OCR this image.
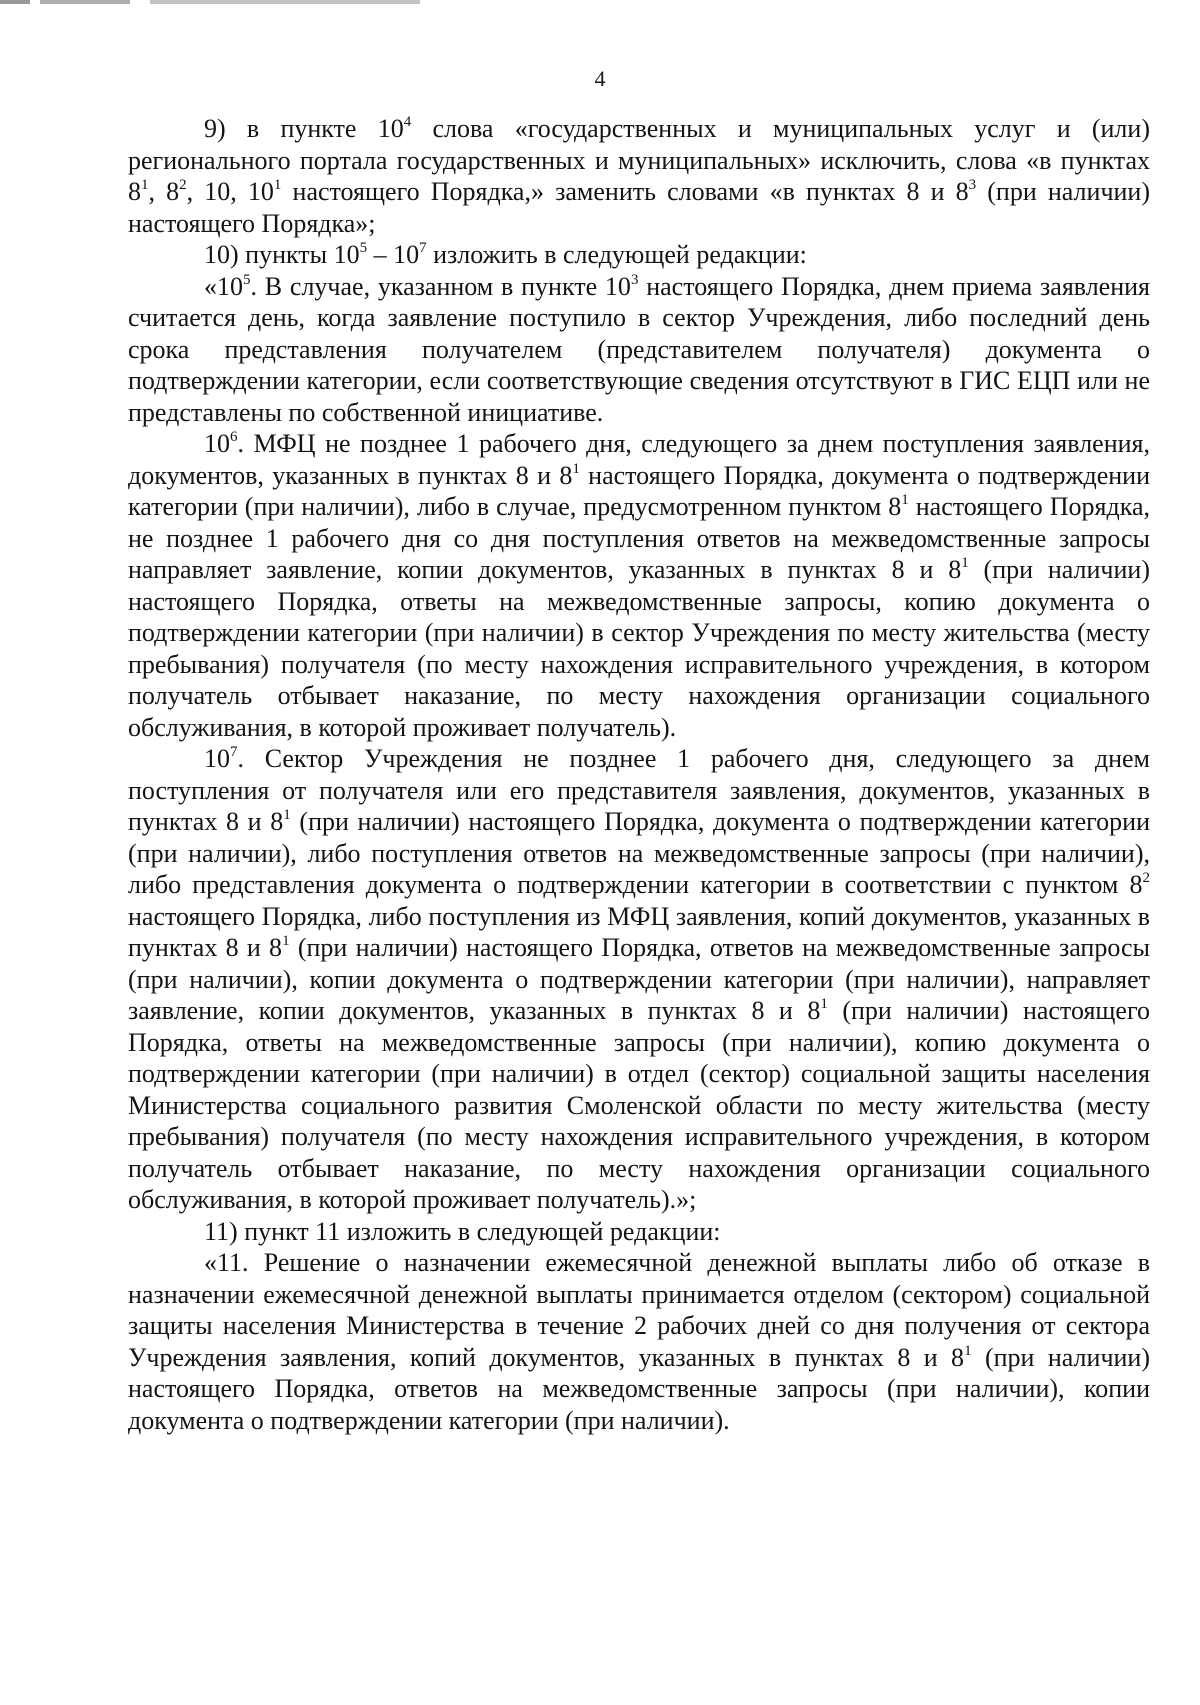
4

9) в пункте $10^4$ слова «государственных и муниципальных услуг и (или) регионального портала государственных и муниципальных» исключить, слова «в пунктах $8^1$, $8^2$, 10, $10^1$ настоящего Порядка,» заменить словами «в пунктах 8 и $8^3$ (при наличии) настоящего Порядка»;

10) пункты $10^5 - 10^7$ изложить в следующей редакции:

«$10^5$. В случае, указанном в пункте $10^3$ настоящего Порядка, днем приема заявления считается день, когда заявление поступило в сектор Учреждения, либо последний день срока представления получателем (представителем получателя) документа о подтверждении категории, если соответствующие сведения отсутствуют в ГИС ЕЦП или не представлены по собственной инициативе.

$10^6$. МФЦ не позднее 1 рабочего дня, следующего за днем поступления заявления, документов, указанных в пунктах 8 и $8^1$ настоящего Порядка, документа о подтверждении категории (при наличии), либо в случае, предусмотренном пунктом $8^1$ настоящего Порядка, не позднее 1 рабочего дня со дня поступления ответов на межведомственные запросы направляет заявление, копии документов, указанных в пунктах 8 и $8^1$ (при наличии) настоящего Порядка, ответы на межведомственные запросы, копию документа о подтверждении категории (при наличии) в сектор Учреждения по месту жительства (месту пребывания) получателя (по месту нахождения исправительного учреждения, в котором получатель отбывает наказание, по месту нахождения организации социального обслуживания, в которой проживает получатель).

$10^7$. Сектор Учреждения не позднее 1 рабочего дня, следующего за днем поступления от получателя или его представителя заявления, документов, указанных в пунктах 8 и $8^1$ (при наличии) настоящего Порядка, документа о подтверждении категории (при наличии), либо поступления ответов на межведомственные запросы (при наличии), либо представления документа о подтверждении категории в соответствии с пунктом $8^2$ настоящего Порядка, либо поступления из МФЦ заявления, копий документов, указанных в пунктах 8 и $8^1$ (при наличии) настоящего Порядка, ответов на межведомственные запросы (при наличии), копии документа о подтверждении категории (при наличии), направляет заявление, копии документов, указанных в пунктах 8 и $8^1$ (при наличии) настоящего Порядка, ответы на межведомственные запросы (при наличии), копию документа о подтверждении категории (при наличии) в отдел (сектор) социальной защиты населения Министерства социального развития Смоленской области по месту жительства (месту пребывания) получателя (по месту нахождения исправительного учреждения, в котором получатель отбывает наказание, по месту нахождения организации социального обслуживания, в которой проживает получатель).»;

11) пункт 11 изложить в следующей редакции:

«11. Решение о назначении ежемесячной денежной выплаты либо об отказе в назначении ежемесячной денежной выплаты принимается отделом (сектором) социальной защиты населения Министерства в течение 2 рабочих дней со дня получения от сектора Учреждения заявления, копий документов, указанных в пунктах 8 и $8^1$ (при наличии) настоящего Порядка, ответов на межведомственные запросы (при наличии), копии документа о подтверждении категории (при наличии).
